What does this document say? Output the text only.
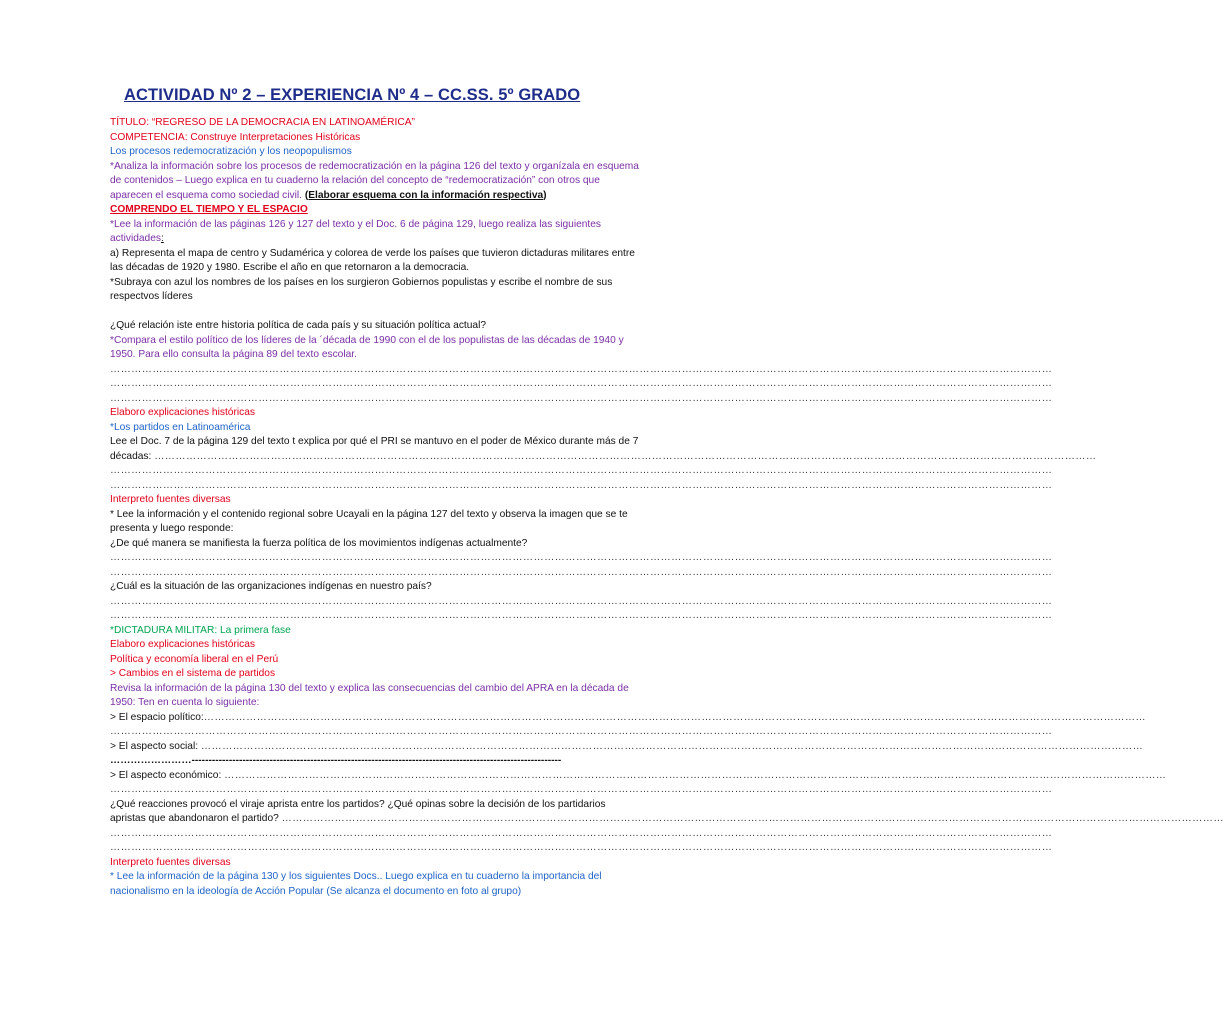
ACTIVIDAD Nº 2 – EXPERIENCIA Nº 4 – CC.SS. 5º GRADO
TÍTULO: “REGRESO DE LA DEMOCRACIA EN LATINOAMÉRICA”
COMPETENCIA: Construye Interpretaciones Históricas
Los procesos redemocratización y los neopopulismos
*Analiza la información sobre los procesos de redemocratización en la página 126 del texto y organízala en esquema
de contenidos – Luego explica en tu cuaderno la relación del concepto de “redemocratización” con otros que
aparecen el esquema como sociedad civil. (Elaborar esquema con la información respectiva)
COMPRENDO EL TIEMPO Y EL ESPACIO
*Lee la información de las páginas 126 y 127 del texto y el Doc. 6 de página 129, luego realiza las siguientes
actividades:
a) Representa el mapa de centro y Sudamérica y colorea de verde los países que tuvieron dictaduras militares entre
las décadas de 1920 y 1980. Escribe el año en que retornaron a la democracia.
*Subraya con azul los nombres de los países en los surgieron Gobiernos populistas y escribe el nombre de sus
respectvos líderes
¿Qué relación iste entre historia política de cada país y su situación política actual?
*Compara el estilo político de los líderes de la ´década de 1990 con el de los populistas de las décadas de 1940 y
1950. Para ello consulta la página 89 del texto escolar.
……………………………………………………………………………………………………………………………………………………………………………………………………………………………………………
……………………………………………………………………………………………………………………………………………………………………………………………………………………………………………
……………………………………………………………………………………………………………………………………………………………………………………………………………………………………………
Elaboro explicaciones históricas
*Los partidos en Latinoamérica
Lee el Doc. 7 de la página 129 del texto t explica por qué el PRI se mantuvo en el poder de México durante más de 7
décadas: ……………………………………………………………………………………………………………………………………………………………………………………………………………………………………………
……………………………………………………………………………………………………………………………………………………………………………………………………………………………………………
……………………………………………………………………………………………………………………………………………………………………………………………………………………………………………
Interpreto fuentes diversas
* Lee la información y el contenido regional sobre Ucayali en la página 127 del texto y observa la imagen que se te
presenta y luego responde:
¿De qué manera se manifiesta la fuerza política de los movimientos indígenas actualmente?
……………………………………………………………………………………………………………………………………………………………………………………………………………………………………………
……………………………………………………………………………………………………………………………………………………………………………………………………………………………………………
¿Cuál es la situación de las organizaciones indígenas en nuestro país?
……………………………………………………………………………………………………………………………………………………………………………………………………………………………………………
……………………………………………………………………………………………………………………………………………………………………………………………………………………………………………
*DICTADURA MILITAR: La primera fase
Elaboro explicaciones históricas
Política y economía liberal en el Perú
> Cambios en el sistema de partidos
Revisa la información de la página 130 del texto y explica las consecuencias del cambio del APRA en la década de
1950: Ten en cuenta lo siguiente:
> El espacio político:……………………………………………………………………………………………………………………………………………………………………………………………………………………………………………
……………………………………………………………………………………………………………………………………………………………………………………………………………………………………………
> El aspecto social: ……………………………………………………………………………………………………………………………………………………………………………………………………………………………………………
……………………-------------------------------------------------------------------------------------------------------------
> El aspecto económico: ……………………………………………………………………………………………………………………………………………………………………………………………………………………………………………
……………………………………………………………………………………………………………………………………………………………………………………………………………………………………………
¿Qué reacciones provocó el viraje aprista entre los partidos? ¿Qué opinas sobre la decisión de los partidarios
apristas que abandonaron el partido? ……………………………………………………………………………………………………………………………………………………………………………………………………………………………………………
……………………………………………………………………………………………………………………………………………………………………………………………………………………………………………
……………………………………………………………………………………………………………………………………………………………………………………………………………………………………………
Interpreto fuentes diversas
* Lee la información de la página 130 y los siguientes Docs.. Luego explica en tu cuaderno la importancia del
nacionalismo en la ideología de Acción Popular (Se alcanza el documento en foto al grupo)
